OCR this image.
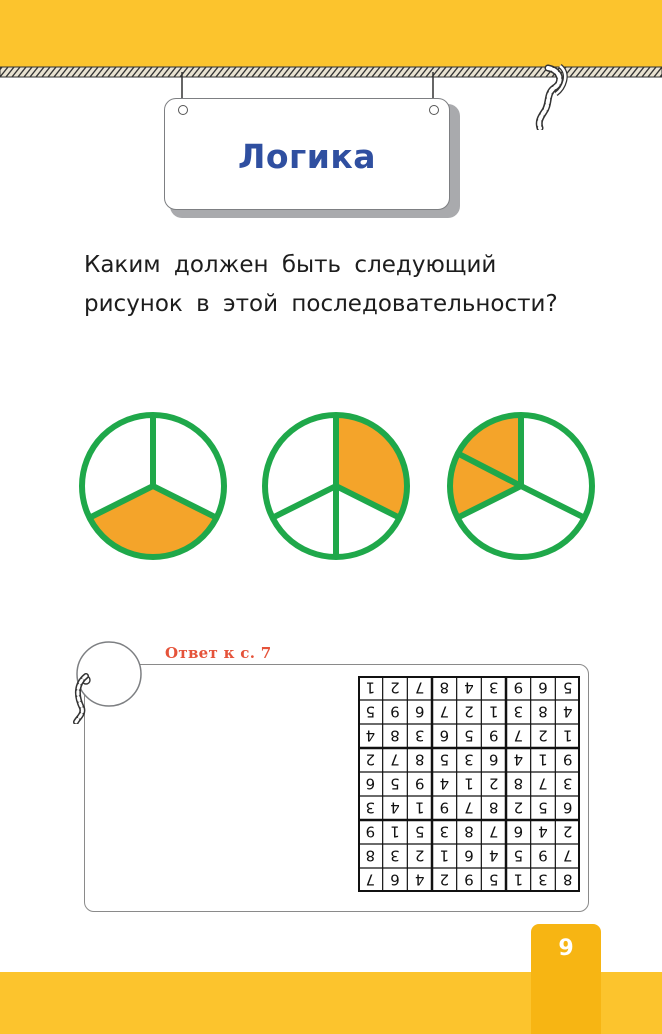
Логика
Каким должен быть следующий
рисунок в этой последовательности?
Ответ к с. 7
8
3
1
5
9
2
4
6
7
7
9
5
4
6
1
2
3
8
2
4
6
7
8
3
5
1
9
6
5
2
8
7
9
1
4
3
3
7
8
2
1
4
9
5
6
9
1
4
6
3
5
8
7
2
1
2
7
9
5
6
3
8
4
4
8
3
1
2
7
6
9
5
5
6
9
3
4
8
7
2
1
9
